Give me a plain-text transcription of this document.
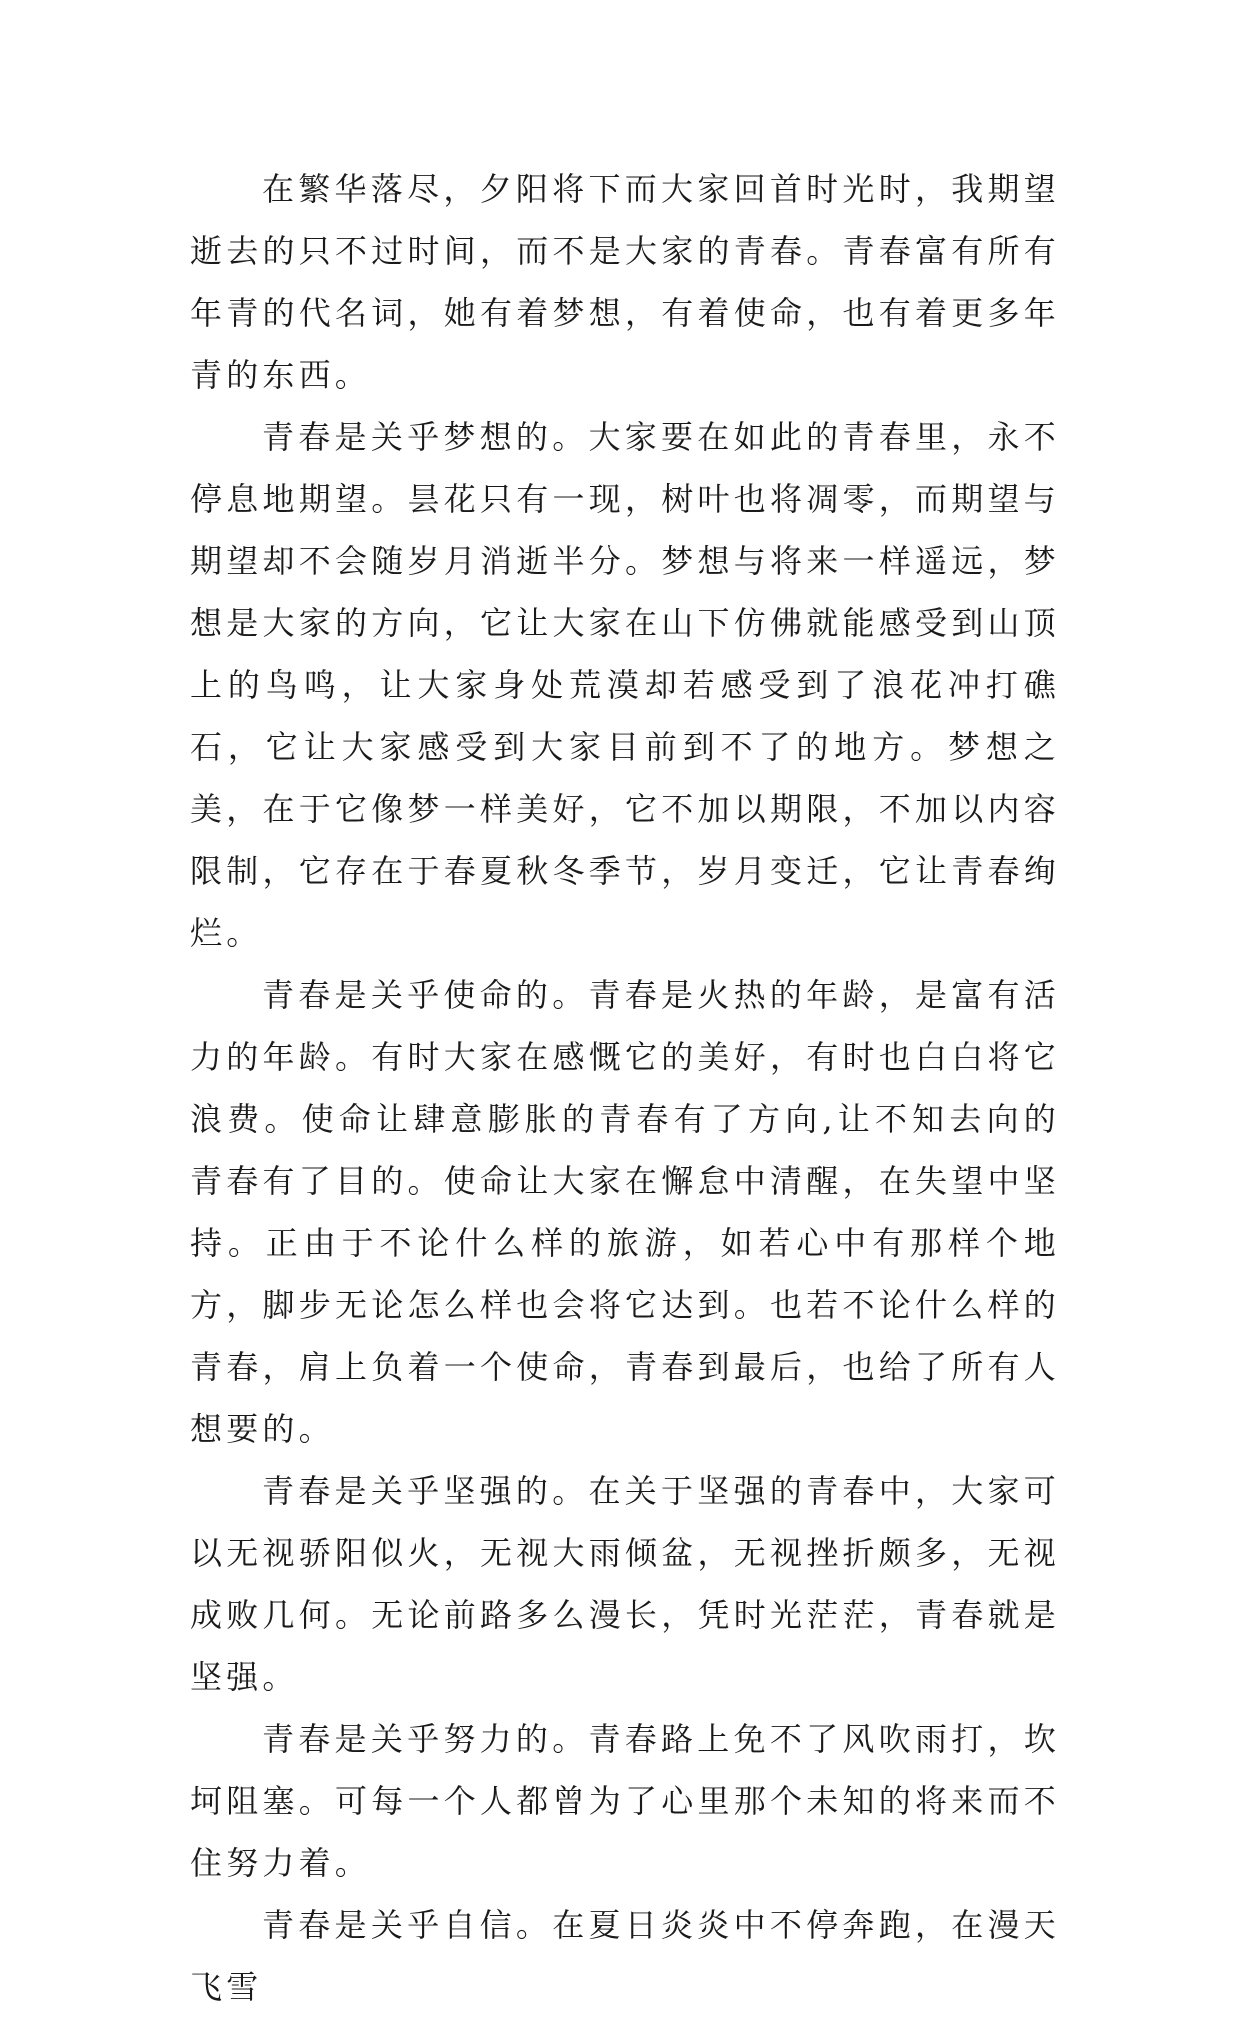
在繁华落尽，夕阳将下而大家回首时光时，我期望逝去的只不过时间，而不是大家的青春。青春富有所有年青的代名词，她有着梦想，有着使命，也有着更多年青的东西。

青春是关乎梦想的。大家要在如此的青春里，永不停息地期望。昙花只有一现，树叶也将凋零，而期望与期望却不会随岁月消逝半分。梦想与将来一样遥远，梦想是大家的方向，它让大家在山下仿佛就能感受到山顶上的鸟鸣，让大家身处荒漠却若感受到了浪花冲打礁石，它让大家感受到大家目前到不了的地方。梦想之美，在于它像梦一样美好，它不加以期限，不加以内容限制，它存在于春夏秋冬季节，岁月变迁，它让青春绚烂。

青春是关乎使命的。青春是火热的年龄，是富有活力的年龄。有时大家在感慨它的美好，有时也白白将它浪费。使命让肆意膨胀的青春有了方向,让不知去向的青春有了目的。使命让大家在懈怠中清醒，在失望中坚持。正由于不论什么样的旅游，如若心中有那样个地方，脚步无论怎么样也会将它达到。也若不论什么样的青春，肩上负着一个使命，青春到最后，也给了所有人想要的。

青春是关乎坚强的。在关于坚强的青春中，大家可以无视骄阳似火，无视大雨倾盆，无视挫折颇多，无视成败几何。无论前路多么漫长，凭时光茫茫，青春就是坚强。

青春是关乎努力的。青春路上免不了风吹雨打，坎坷阻塞。可每一个人都曾为了心里那个未知的将来而不住努力着。

青春是关乎自信。在夏日炎炎中不停奔跑，在漫天飞雪
